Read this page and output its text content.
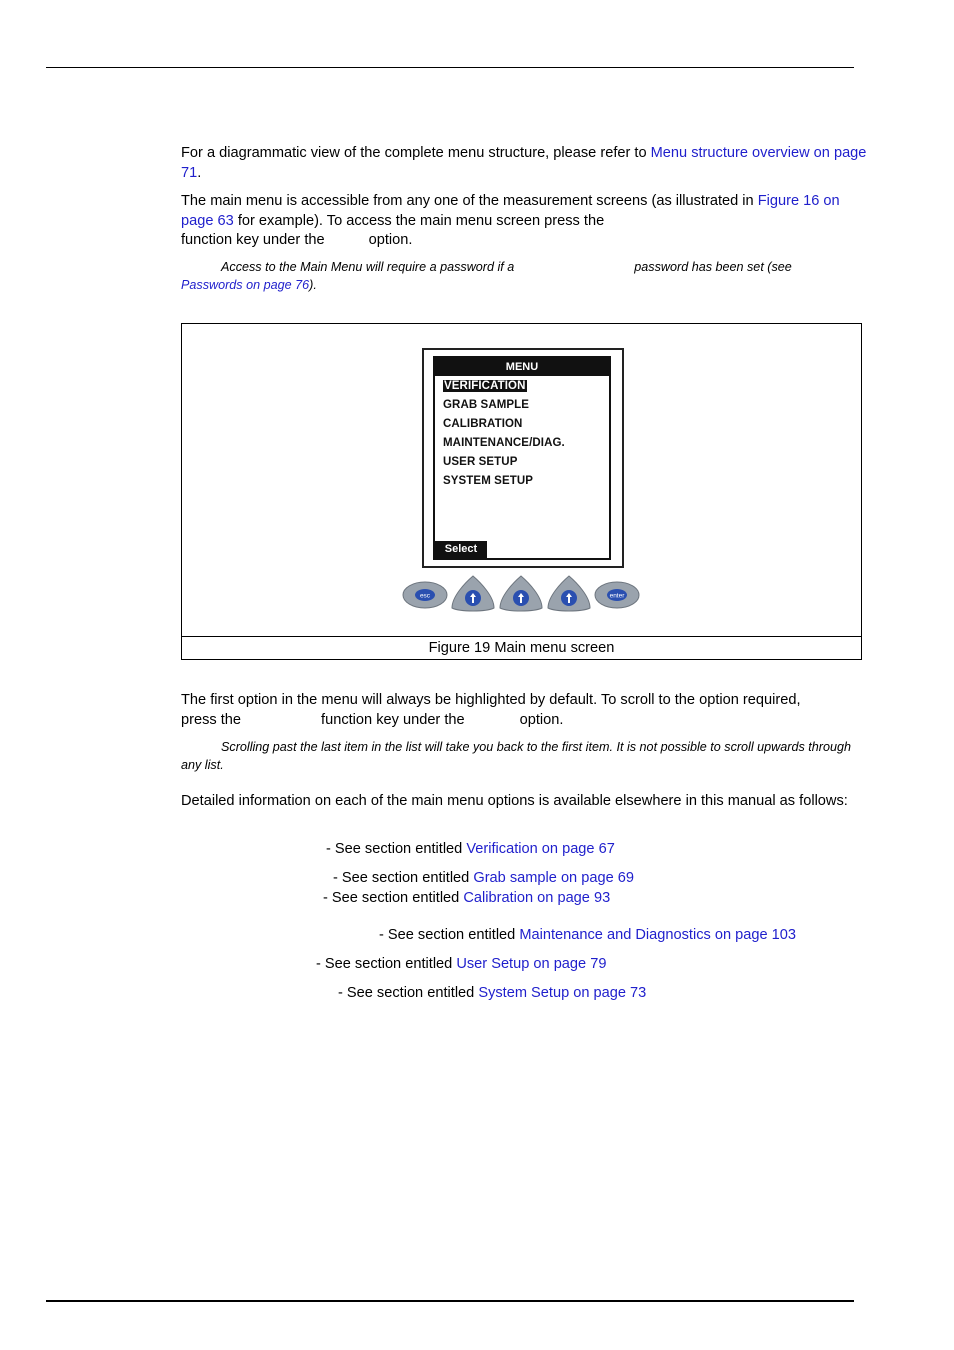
For a diagrammatic view of the complete menu structure, please refer to Menu structure overview on page 71.

The main menu is accessible from any one of the measurement screens (as illustrated in Figure 16 on page 63 for example). To access the main menu screen press the
function key under the	option.

Access to the Main Menu will require a password if a	password has been set (see
Passwords on page 76).

MENU
VERIFICATION
GRAB SAMPLE
CALIBRATION
MAINTENANCE/DIAG.
USER SETUP
SYSTEM SETUP
Select
esc	enter
Figure 19 Main menu screen

The first option in the menu will always be highlighted by default. To scroll to the option required,
press the	function key under the	option.

Scrolling past the last item in the list will take you back to the first item. It is not possible to scroll upwards through any list.

Detailed information on each of the main menu options is available elsewhere in this manual as follows:

- See section entitled Verification on page 67

- See section entitled Grab sample on page 69

- See section entitled Calibration on page 93

- See section entitled Maintenance and Diagnostics on page 103

- See section entitled User Setup on page 79

- See section entitled System Setup on page 73
